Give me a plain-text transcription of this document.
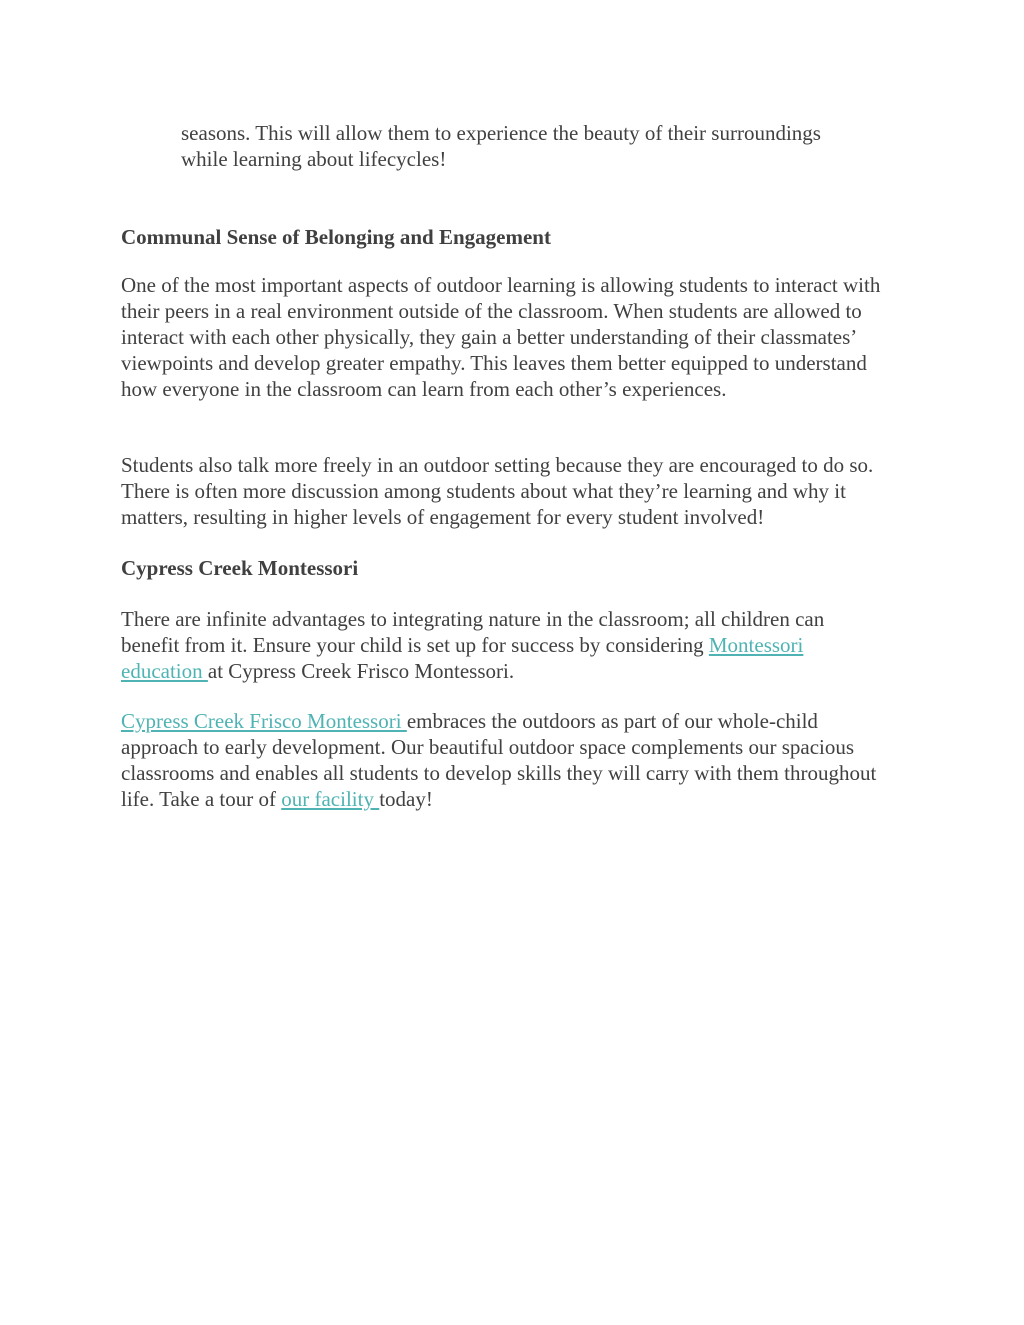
seasons. This will allow them to experience the beauty of their surroundings

while learning about lifecycles!

Communal Sense of Belonging and Engagement

One of the most important aspects of outdoor learning is allowing students to interact with their peers in a real environment outside of the classroom. When students are allowed to interact with each other physically, they gain a better understanding of their classmates’ viewpoints and develop greater empathy. This leaves them better equipped to understand how everyone in the classroom can learn from each other’s experiences.

Students also talk more freely in an outdoor setting because they are encouraged to do so. There is often more discussion among students about what they’re learning and why it matters, resulting in higher levels of engagement for every student involved!

Cypress Creek Montessori

There are infinite advantages to integrating nature in the classroom; all children can benefit from it. Ensure your child is set up for success by considering Montessori education at Cypress Creek Frisco Montessori.

Cypress Creek Frisco Montessori embraces the outdoors as part of our whole-child approach to early development. Our beautiful outdoor space complements our spacious classrooms and enables all students to develop skills they will carry with them throughout life. Take a tour of our facility today!
